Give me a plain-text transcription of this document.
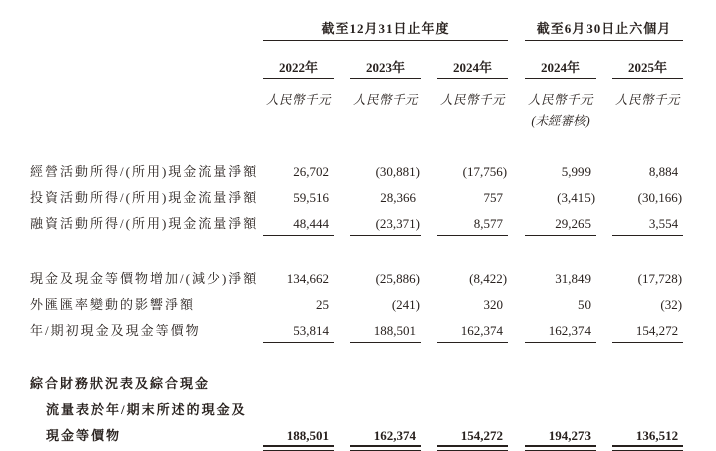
	截至12月31日止年度						截至6月30日止六個月		
	2022年		2023年		2024年		2024年		2025年
	人民幣千元		人民幣千元		人民幣千元		人民幣千元		人民幣千元
							(未經審核)		

經營活動所得/(所用)現金流量淨額	26,702		(30,881)		(17,756)		5,999		8,884
投資活動所得/(所用)現金流量淨額	59,516		28,366		757		(3,415)		(30,166)
融資活動所得/(所用)現金流量淨額	48,444		(23,371)		8,577		29,265		3,554

現金及現金等價物增加/(減少)淨額	134,662		(25,886)		(8,422)		31,849		(17,728)
外匯匯率變動的影響淨額	25		(241)		320		50		(32)
年/期初現金及現金等價物	53,814		188,501		162,374		162,374		154,272

綜合財務狀況表及綜合現金									
流量表於年/期末所述的現金及									
現金等價物	188,501		162,374		154,272		194,273		136,512
